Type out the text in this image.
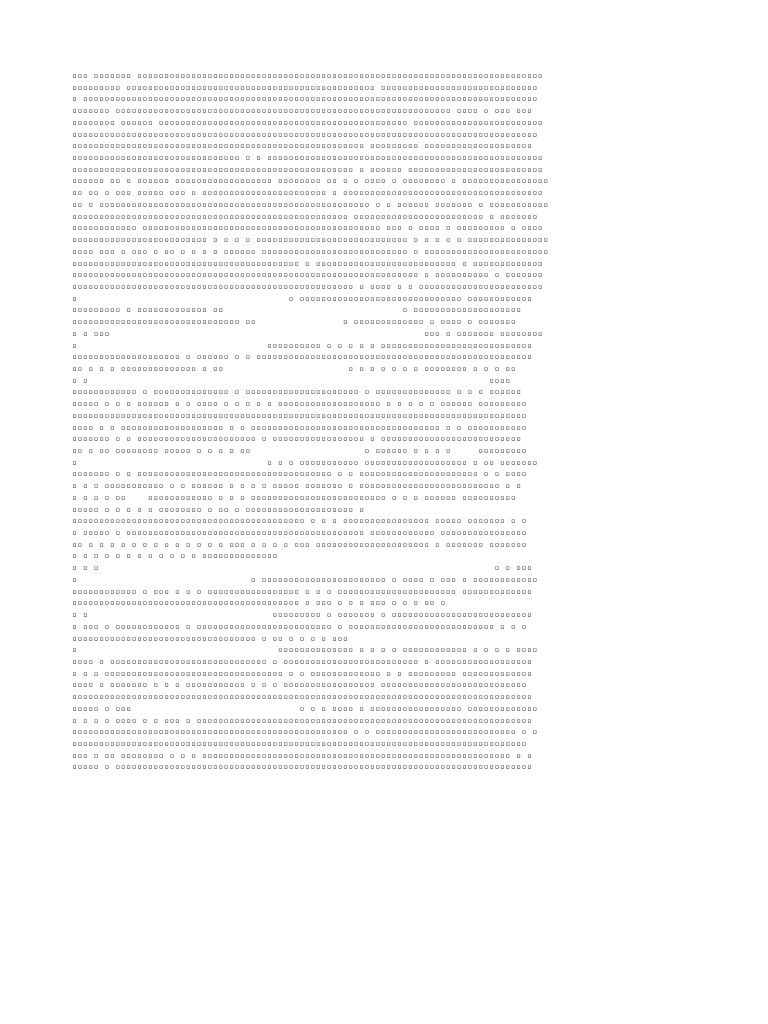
▫▫▫ ▫▫▫▫▫▫▫ ▫▫▫▫▫▫▫▫▫▫▫▫▫▫▫▫▫▫▫▫▫▫▫▫▫▫▫▫▫▫▫▫▫▫▫▫▫▫▫▫▫▫▫▫▫▫▫▫▫▫▫▫▫▫▫▫▫▫▫▫▫▫▫▫▫▫▫▫▫▫▫▫▫▫▫
▫▫▫▫▫▫▫▫▫ ▫▫▫▫▫▫▫▫▫▫▫▫▫▫▫▫▫▫▫▫▫▫▫▫▫▫▫▫▫▫▫▫▫▫▫▫▫▫▫▫▫▫▫▫▫▫ ▫▫▫▫▫▫▫▫▫▫▫▫▫▫▫▫▫▫▫▫▫▫▫▫▫▫▫▫▫
▫ ▫▫▫▫▫▫▫▫▫▫▫▫▫▫▫▫▫▫▫▫▫▫▫▫▫▫▫▫▫▫▫▫▫▫▫▫▫▫▫▫▫▫▫▫▫▫▫▫▫▫▫▫▫▫▫▫▫▫▫▫▫▫▫▫▫▫▫▫▫▫▫▫▫▫▫▫▫▫▫▫▫▫▫▫
▫▫▫▫▫▫▫ ▫▫▫▫▫▫▫▫▫▫▫▫▫▫▫▫▫▫▫▫▫▫▫▫▫▫▫▫▫▫▫▫▫▫▫▫▫▫▫▫▫▫▫▫▫▫▫▫▫▫▫▫▫▫▫▫▫▫▫▫▫▫ ▫▫▫▫ ▫ ▫▫▫ ▫▫▫
▫▫▫▫▫▫▫▫ ▫▫▫▫▫▫ ▫▫▫▫▫▫▫▫▫▫▫▫▫▫▫▫▫▫▫▫▫▫▫▫▫▫▫▫▫▫▫▫▫▫▫▫▫▫▫▫▫▫▫▫▫▫ ▫▫▫▫▫▫▫▫▫▫▫▫▫▫▫▫▫▫▫▫▫▫▫▫
▫▫▫▫▫▫▫▫▫▫▫▫▫▫▫▫▫▫▫▫▫▫▫▫▫▫▫▫▫▫▫▫▫▫▫▫▫▫▫▫▫▫▫▫▫▫▫▫▫▫▫▫▫▫▫▫▫▫▫▫▫▫▫▫▫▫▫▫▫▫▫▫▫▫▫▫▫▫▫▫▫▫▫▫▫▫
▫▫▫▫▫▫▫▫▫▫▫▫▫▫▫▫▫▫▫▫▫▫▫▫▫▫▫▫▫▫▫▫▫▫▫▫▫▫▫▫▫▫▫▫▫▫▫▫▫▫▫▫▫▫ ▫▫▫▫▫▫▫▫▫ ▫▫▫▫▫▫▫▫▫▫▫▫▫▫▫▫▫▫▫▫
▫▫▫▫▫▫▫▫▫▫▫▫▫▫▫▫▫▫▫▫▫▫▫▫▫▫▫▫▫▫▫ ▫ ▫ ▫▫▫▫▫▫▫▫▫▫▫▫▫▫▫▫▫▫▫▫▫▫▫▫▫▫▫▫▫▫▫▫▫▫▫▫▫▫▫▫▫▫▫▫▫▫▫▫▫▫▫
▫▫▫▫▫▫▫▫▫▫▫▫▫▫▫▫▫▫▫▫▫▫▫▫▫▫▫▫▫▫▫▫▫▫▫▫▫▫▫▫▫▫▫▫▫▫▫▫▫▫▫▫ ▫ ▫▫▫▫▫▫ ▫▫▫▫▫▫▫▫▫▫▫▫▫▫▫▫▫▫▫▫▫▫▫▫▫
▫▫▫▫▫▫ ▫▫ ▫ ▫▫▫▫▫▫ ▫▫▫▫▫▫▫▫▫▫▫▫▫▫▫▫▫▫ ▫▫▫▫▫▫▫▫ ▫▫ ▫ ▫ ▫▫▫▫ ▫ ▫▫▫▫▫▫▫▫ ▫ ▫▫▫▫▫▫▫▫▫▫▫▫▫▫▫▫
▫▫ ▫▫ ▫ ▫▫▫ ▫▫▫▫▫ ▫▫▫ ▫ ▫▫▫▫▫▫▫▫▫▫▫▫▫▫▫▫▫▫▫▫▫▫▫ ▫ ▫▫▫▫▫▫▫▫▫▫▫▫▫▫▫▫▫▫▫▫▫▫▫▫▫▫▫▫▫▫▫▫▫▫▫▫▫
▫▫ ▫ ▫▫▫▫▫▫▫▫▫▫▫▫▫▫▫▫▫▫▫▫▫▫▫▫▫▫▫▫▫▫▫▫▫▫▫▫▫▫▫▫▫▫▫▫▫▫▫▫▫▫ ▫ ▫ ▫▫▫▫▫▫ ▫▫▫▫▫▫▫ ▫ ▫▫▫▫▫▫▫▫▫▫▫
▫▫▫▫▫▫▫▫▫▫▫▫▫▫▫▫▫▫▫▫▫▫▫▫▫▫▫▫▫▫▫▫▫▫▫▫▫▫▫▫▫▫▫▫▫▫▫▫▫▫▫ ▫▫▫▫▫▫▫▫▫▫▫▫▫▫▫▫▫▫▫▫▫▫▫▫ ▫ ▫▫▫▫▫▫▫
▫▫▫▫▫▫▫▫▫▫▫▫ ▫▫▫▫▫▫▫▫▫▫▫▫▫▫▫▫▫▫▫▫▫▫▫▫▫▫▫▫▫▫▫▫▫▫▫▫▫▫▫▫▫▫▫▫ ▫▫▫ ▫ ▫▫▫▫ ▫ ▫▫▫▫▫▫▫▫▫ ▫ ▫▫▫▫
▫▫▫▫▫▫▫▫▫▫▫▫▫▫▫▫▫▫▫▫▫▫▫▫▫ ▫ ▫ ▫ ▫ ▫▫▫▫▫▫▫▫▫▫▫▫▫▫▫▫▫▫▫▫▫▫▫▫▫▫▫▫ ▫ ▫ ▫ ▫ ▫ ▫▫▫▫▫▫▫▫▫▫▫▫▫▫▫
▫▫▫▫ ▫▫▫ ▫ ▫▫▫ ▫ ▫▫ ▫ ▫ ▫ ▫ ▫▫▫▫▫▫ ▫▫▫▫▫▫▫▫▫▫▫▫▫▫▫▫▫▫▫▫▫▫▫▫▫▫▫ ▫ ▫▫▫▫▫▫▫▫▫▫▫▫▫▫▫▫▫▫▫▫▫▫▫
▫▫▫▫▫▫▫▫▫▫▫▫▫▫▫▫▫▫▫▫▫▫▫▫▫▫▫▫▫▫▫▫▫▫▫▫▫▫▫▫▫▫ ▫ ▫▫▫▫▫▫▫▫▫▫▫▫▫▫▫▫▫▫▫▫▫▫▫▫▫▫ ▫ ▫▫▫▫▫▫▫▫▫▫▫▫▫
▫▫▫▫▫▫▫▫▫▫▫▫▫▫▫▫▫▫▫▫▫▫▫▫▫▫▫▫▫▫▫▫▫▫▫▫▫▫▫▫▫▫▫▫▫▫▫▫▫▫▫▫▫▫▫▫▫▫▫▫▫▫▫▫ ▫ ▫▫▫▫▫▫▫▫▫▫ ▫ ▫▫▫▫▫▫▫
▫▫▫▫▫▫▫▫▫▫▫▫▫▫▫▫▫▫▫▫▫▫▫▫▫▫▫▫▫▫▫▫▫▫▫▫▫▫▫▫▫▫▫▫▫▫▫▫▫▫▫▫ ▫ ▫▫▫▫ ▫ ▫ ▫▫▫▫▫▫▫▫▫▫▫▫▫▫▫▫▫▫▫▫▫▫▫
▫                                       ▫ ▫▫▫▫▫▫▫▫▫▫▫▫▫▫▫▫▫▫▫▫▫▫▫▫▫▫▫▫▫▫ ▫▫▫▫▫▫▫▫▫▫▫▫
▫▫▫▫▫▫▫▫▫ ▫ ▫▫▫▫▫▫▫▫▫▫▫▫▫ ▫▫                                 ▫ ▫▫▫▫▫▫▫▫▫▫▫▫▫▫▫▫▫▫▫▫
▫▫▫▫▫▫▫▫▫▫▫▫▫▫▫▫▫▫▫▫▫▫▫▫▫▫▫▫▫▫▫ ▫▫                ▫ ▫▫▫▫▫▫▫▫▫▫▫▫▫ ▫ ▫▫▫▫ ▫ ▫▫▫▫▫▫▫
▫ ▫ ▫▫▫                                                          ▫▫▫ ▫ ▫▫▫▫▫▫▫ ▫▫▫▫▫▫▫▫
▫                                   ▫▫▫▫▫▫▫▫▫▫ ▫ ▫ ▫ ▫ ▫ ▫▫▫▫▫▫▫▫▫▫▫▫▫▫▫▫▫▫▫▫▫▫▫▫▫▫▫▫
▫▫▫▫▫▫▫▫▫▫▫▫▫▫▫▫▫▫▫▫ ▫ ▫▫▫▫▫▫ ▫ ▫ ▫▫▫▫▫▫▫▫▫▫▫▫▫▫▫▫▫▫▫▫▫▫▫▫▫▫▫▫▫▫▫▫▫▫▫▫▫▫▫▫▫▫▫▫▫▫▫▫▫▫▫
▫▫ ▫ ▫ ▫ ▫▫▫▫▫▫▫▫▫▫▫▫▫▫ ▫ ▫▫                       ▫ ▫ ▫ ▫ ▫ ▫ ▫ ▫▫▫▫▫▫▫▫ ▫ ▫ ▫ ▫▫
▫ ▫                                                                          ▫▫▫▫
▫▫▫▫▫▫▫▫▫▫▫▫ ▫ ▫▫▫▫▫▫▫▫▫▫▫▫▫▫ ▫ ▫▫▫▫▫▫▫▫▫▫▫▫▫▫▫▫▫▫▫▫▫ ▫ ▫▫▫▫▫▫▫▫▫▫▫▫▫▫ ▫ ▫ ▫ ▫▫▫▫▫▫
▫▫▫▫▫ ▫ ▫ ▫ ▫▫▫▫▫▫ ▫ ▫ ▫▫▫▫ ▫ ▫ ▫ ▫ ▫ ▫▫▫▫▫▫▫▫▫▫▫▫▫▫▫▫▫▫▫ ▫ ▫ ▫ ▫ ▫ ▫▫▫▫▫▫ ▫▫▫▫▫▫▫▫▫
▫▫▫▫▫▫▫▫▫▫▫▫▫▫▫▫▫▫▫▫▫▫▫▫▫▫▫▫▫▫▫▫▫▫▫▫▫▫▫▫▫▫▫▫▫▫▫▫▫▫▫▫▫▫▫▫▫▫▫▫▫▫▫▫▫▫▫▫▫▫▫▫▫▫▫▫▫▫▫▫▫▫▫▫
▫▫▫▫ ▫ ▫ ▫▫▫▫▫▫▫▫▫▫▫▫▫▫▫▫▫▫▫ ▫ ▫ ▫▫▫▫▫▫▫▫▫▫▫▫▫▫▫▫▫▫▫▫▫▫▫▫▫▫▫▫▫▫▫▫▫▫▫ ▫ ▫ ▫▫▫▫▫▫▫▫▫▫▫
▫▫▫▫▫▫▫ ▫ ▫ ▫▫▫▫▫▫▫▫▫▫▫▫▫▫▫▫▫▫▫▫▫▫ ▫ ▫▫▫▫▫▫▫▫▫▫▫▫▫▫▫▫▫ ▫ ▫▫▫▫▫▫▫▫▫▫▫▫▫▫▫▫▫▫▫▫▫▫▫▫▫▫
▫▫ ▫ ▫▫ ▫▫▫▫▫▫▫▫ ▫▫▫▫▫ ▫ ▫ ▫ ▫ ▫▫                     ▫ ▫▫▫▫▫▫ ▫ ▫ ▫ ▫     ▫▫▫▫▫▫▫▫▫
▫                                   ▫ ▫ ▫ ▫▫▫▫▫▫▫▫▫▫▫ ▫▫▫▫▫▫▫▫▫▫▫▫▫▫▫▫▫▫▫ ▫ ▫▫ ▫▫▫▫▫▫▫
▫▫▫▫▫▫▫ ▫ ▫ ▫▫▫▫▫▫▫▫▫▫▫▫▫▫▫▫▫▫▫▫▫▫▫▫▫▫▫▫▫▫▫▫▫▫▫▫ ▫ ▫ ▫▫▫▫▫▫▫▫▫▫▫▫▫▫▫▫▫▫▫▫▫▫ ▫ ▫ ▫▫▫▫
▫ ▫ ▫ ▫▫▫▫▫▫▫▫▫▫▫ ▫ ▫ ▫▫▫▫▫▫ ▫ ▫ ▫ ▫ ▫▫▫▫▫ ▫▫▫▫▫▫▫ ▫ ▫▫▫▫▫▫▫▫▫▫▫▫▫▫▫▫▫▫▫▫▫▫▫▫▫▫ ▫ ▫
▫ ▫ ▫ ▫ ▫▫    ▫▫▫▫▫▫▫▫▫▫▫▫ ▫ ▫ ▫ ▫▫▫▫▫▫▫▫▫▫▫▫▫▫▫▫▫▫▫▫▫▫▫▫▫ ▫ ▫ ▫ ▫▫▫▫▫▫ ▫▫▫▫▫▫▫▫▫▫
▫▫▫▫▫ ▫ ▫ ▫ ▫ ▫ ▫▫▫▫▫▫▫▫ ▫ ▫▫ ▫ ▫▫▫▫▫▫▫▫▫▫▫▫▫▫▫▫▫▫▫▫ ▫
▫▫▫▫▫▫▫▫▫▫▫▫▫▫▫▫▫▫▫▫▫▫▫▫▫▫▫▫▫▫▫▫▫▫▫▫▫▫▫▫▫▫▫ ▫ ▫ ▫ ▫▫▫▫▫▫▫▫▫▫▫▫▫▫▫▫ ▫▫▫▫▫ ▫▫▫▫▫▫▫ ▫ ▫
▫ ▫▫▫▫▫ ▫ ▫▫▫▫▫▫▫▫▫▫▫▫▫▫▫▫▫▫▫▫▫▫▫▫▫▫▫▫▫▫▫▫▫▫▫▫▫▫▫▫▫▫▫▫ ▫▫▫▫▫▫▫▫▫▫▫▫ ▫▫▫▫▫▫▫▫▫▫▫▫▫▫▫▫
▫▫ ▫ ▫ ▫ ▫ ▫ ▫ ▫ ▫ ▫ ▫ ▫ ▫ ▫ ▫▫▫ ▫ ▫ ▫ ▫ ▫▫▫ ▫▫▫▫▫▫▫▫▫▫▫▫▫▫▫▫▫▫▫▫▫ ▫ ▫▫▫▫▫▫▫ ▫▫▫▫▫▫▫
▫ ▫ ▫ ▫ ▫ ▫ ▫ ▫ ▫ ▫ ▫ ▫ ▫▫▫▫▫▫▫▫▫▫▫▫▫▫
▫ ▫ ▫                                                                         ▫ ▫ ▫▫▫
▫                                ▫ ▫▫▫▫▫▫▫▫▫▫▫▫▫▫▫▫▫▫▫▫▫▫▫ ▫ ▫▫▫▫ ▫ ▫▫▫ ▫ ▫▫▫▫▫▫▫▫▫▫▫▫
▫▫▫▫▫▫▫▫▫▫▫▫ ▫ ▫▫▫ ▫ ▫ ▫ ▫▫▫▫▫▫▫▫▫▫▫▫▫▫▫▫▫ ▫ ▫ ▫ ▫▫▫▫▫▫▫▫▫▫▫▫▫▫▫▫▫▫▫▫▫▫ ▫▫▫▫▫▫▫▫▫▫▫▫▫
▫▫▫▫▫▫▫▫▫▫▫▫▫▫▫▫▫▫▫▫▫▫▫▫▫▫▫▫▫▫▫▫▫▫▫▫▫▫▫▫▫▫ ▫ ▫▫▫ ▫ ▫ ▫ ▫▫▫ ▫ ▫ ▫ ▫▫ ▫
▫ ▫                                  ▫▫▫▫▫▫▫▫▫ ▫ ▫▫▫▫▫▫▫ ▫ ▫▫▫▫▫▫▫▫▫▫▫▫▫▫▫▫▫▫▫▫▫▫▫▫▫▫
▫ ▫▫▫ ▫ ▫▫▫▫▫▫▫▫▫▫▫▫ ▫ ▫▫▫▫▫▫▫▫▫▫▫▫▫▫▫▫▫▫▫▫▫▫▫▫▫ ▫ ▫▫▫▫▫▫▫▫▫▫▫▫▫▫▫▫▫▫▫▫▫▫▫▫▫▫▫ ▫ ▫ ▫
▫▫▫▫▫▫▫▫▫▫▫▫▫▫▫▫▫▫▫▫▫▫▫▫▫▫▫▫▫▫▫▫▫▫ ▫ ▫▫ ▫ ▫ ▫ ▫ ▫▫▫
▫                                     ▫▫▫▫▫▫▫▫▫▫▫▫▫▫ ▫ ▫ ▫ ▫ ▫▫▫▫▫▫▫▫▫▫▫▫ ▫ ▫ ▫ ▫ ▫▫▫▫
▫▫▫▫ ▫ ▫▫▫▫▫▫▫▫▫▫▫▫▫▫▫▫▫▫▫▫▫▫▫▫▫▫▫▫▫ ▫ ▫▫▫▫▫▫▫▫▫▫▫▫▫▫▫▫▫▫▫▫▫▫▫▫▫ ▫ ▫▫▫▫▫▫▫▫▫▫▫▫▫▫▫▫▫▫
▫ ▫ ▫ ▫▫▫▫▫▫▫▫▫▫▫▫▫▫▫▫▫▫▫▫▫▫▫▫▫▫▫▫▫▫▫▫▫ ▫ ▫ ▫▫▫▫▫▫▫▫▫▫▫▫▫ ▫ ▫ ▫▫▫▫▫▫▫▫▫ ▫▫▫▫▫▫▫▫▫▫▫▫▫
▫▫▫▫ ▫ ▫▫▫▫▫▫▫ ▫ ▫ ▫ ▫▫▫▫▫▫▫▫▫▫▫ ▫ ▫ ▫ ▫▫▫▫▫▫▫▫▫▫▫▫▫▫▫▫▫ ▫▫▫▫▫▫▫▫▫▫▫▫▫▫▫▫▫▫▫▫▫▫▫▫▫▫▫
▫▫▫▫▫▫▫▫▫▫▫▫▫▫▫▫▫▫▫▫▫▫▫▫▫▫▫▫▫▫▫▫▫▫▫▫▫▫▫▫▫▫▫▫▫▫▫▫▫▫▫▫▫▫▫▫▫▫▫▫▫▫▫▫▫▫▫▫▫▫▫▫▫▫▫▫▫▫▫▫▫▫▫▫▫
▫▫▫▫▫ ▫ ▫▫▫                               ▫ ▫ ▫ ▫▫▫▫ ▫ ▫▫▫▫▫▫▫▫▫▫▫▫▫▫▫▫▫ ▫▫▫▫▫▫▫▫▫▫▫▫▫
▫ ▫ ▫ ▫ ▫▫▫▫ ▫ ▫ ▫▫▫ ▫ ▫▫▫▫▫▫▫▫▫▫▫▫▫▫▫▫▫▫▫▫▫▫▫▫▫▫▫▫▫▫▫▫▫▫▫▫▫▫▫▫▫▫▫▫▫▫▫▫▫▫▫▫▫▫▫▫▫▫▫▫▫▫
▫▫▫▫▫▫▫▫▫▫▫▫▫▫▫▫▫▫▫▫▫▫▫▫▫▫▫▫▫▫▫▫▫▫▫▫▫▫▫▫▫▫▫▫▫▫▫▫▫▫▫ ▫ ▫ ▫▫▫▫▫▫▫▫▫▫▫▫▫▫▫▫▫▫▫▫▫▫▫▫▫▫ ▫ ▫
▫▫▫▫▫▫▫▫▫▫▫▫▫▫▫▫▫▫▫▫▫▫▫▫▫▫▫▫▫▫▫▫▫▫▫▫▫▫▫▫▫▫▫▫▫▫▫▫▫▫▫▫▫▫▫▫▫▫▫▫▫▫▫▫▫▫▫▫▫▫▫▫▫▫▫▫▫▫▫▫▫▫▫▫
▫▫▫ ▫ ▫▫ ▫▫▫▫▫▫▫▫ ▫ ▫ ▫ ▫▫▫▫▫▫▫▫▫▫▫▫▫▫▫▫▫▫▫▫▫▫▫▫▫▫▫▫▫▫▫▫▫▫▫▫▫▫▫▫▫▫▫▫▫▫▫▫▫▫▫▫▫▫▫▫▫ ▫ ▫
▫▫▫▫▫ ▫ ▫▫▫▫▫▫▫▫▫▫▫▫▫▫▫▫▫▫▫▫▫▫▫▫▫▫▫▫▫▫▫▫▫▫▫▫▫▫▫▫▫▫▫▫▫▫▫▫▫▫▫▫▫▫▫▫▫▫▫▫▫▫▫▫▫▫▫▫▫▫▫▫▫▫▫▫▫
